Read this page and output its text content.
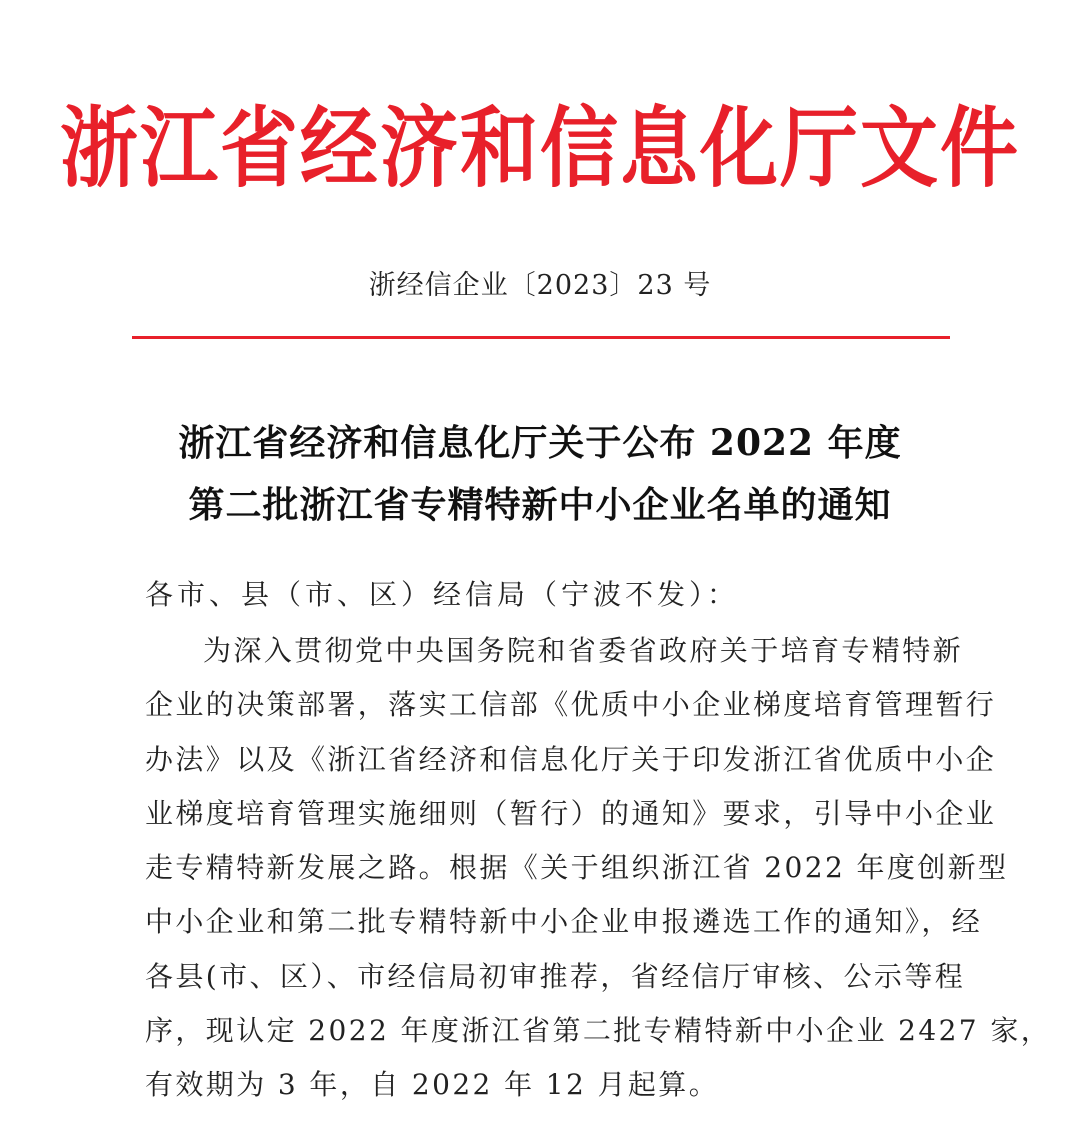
浙江省经济和信息化厅文件
浙经信企业〔2023〕23 号
浙江省经济和信息化厅关于公布 2022 年度
第二批浙江省专精特新中小企业名单的通知
各市、县（市、区）经信局（宁波不发）：
为深入贯彻党中央国务院和省委省政府关于培育专精特新
企业的决策部署，落实工信部《优质中小企业梯度培育管理暂行
办法》以及《浙江省经济和信息化厅关于印发浙江省优质中小企
业梯度培育管理实施细则（暂行）的通知》要求，引导中小企业
走专精特新发展之路。根据《关于组织浙江省 2022 年度创新型
中小企业和第二批专精特新中小企业申报遴选工作的通知》，经
各县(市、区）、市经信局初审推荐，省经信厅审核、公示等程
序，现认定 2022 年度浙江省第二批专精特新中小企业 2427 家，
有效期为 3 年，自 2022 年 12 月起算。
